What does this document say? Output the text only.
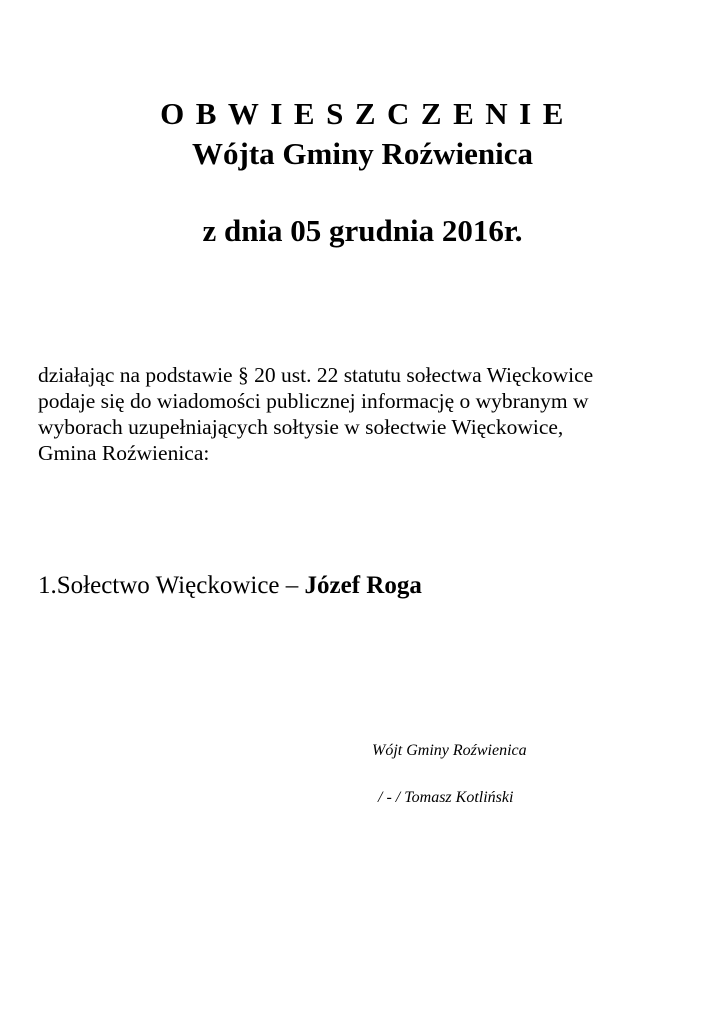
OBWIESZCZENIE
Wójta Gminy Roźwienica
z dnia 05 grudnia 2016r.

działając na podstawie § 20 ust. 22 statutu sołectwa Więckowice
podaje się do wiadomości publicznej informację o wybranym w
wyborach uzupełniających sołtysie w sołectwie Więckowice,
Gmina Roźwienica:

1.Sołectwo Więckowice – Józef Roga

Wójt Gminy Roźwienica

/ - / Tomasz Kotliński
